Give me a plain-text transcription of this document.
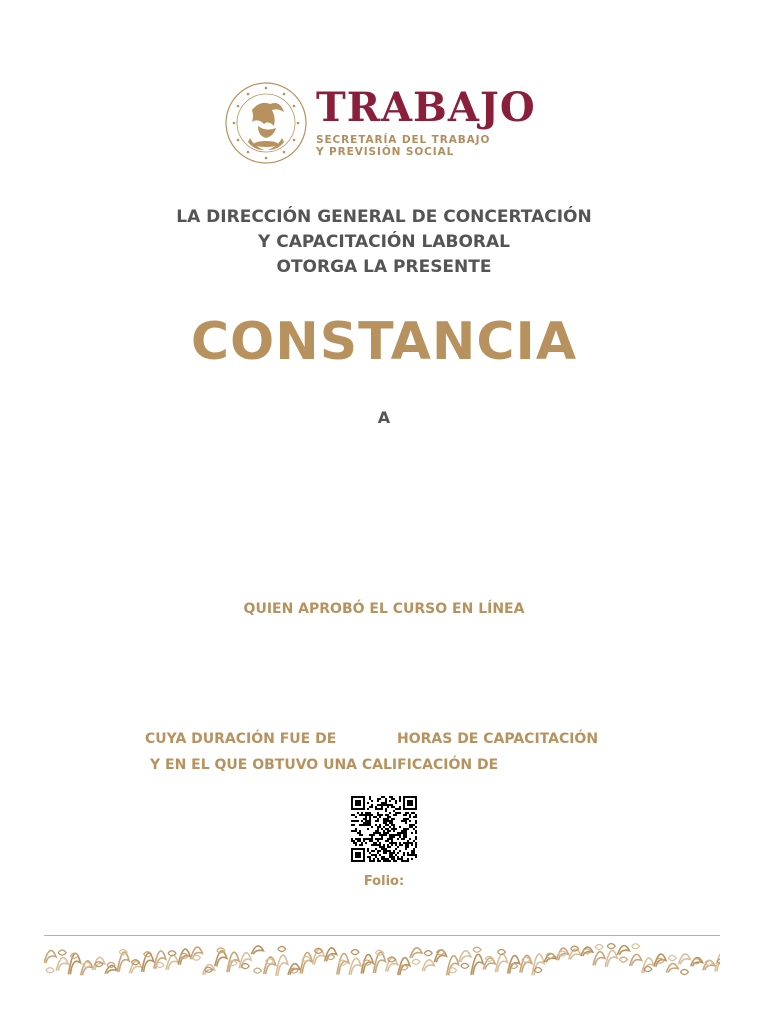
TRABAJO
SECRETARÍA DEL TRABAJO
Y PREVISIÓN SOCIAL
LA DIRECCIÓN GENERAL DE CONCERTACIÓN
Y CAPACITACIÓN LABORAL
OTORGA LA PRESENTE
CONSTANCIA
A
QUIEN APROBÓ EL CURSO EN LÍNEA
CUYA DURACIÓN FUE DE	HORAS DE CAPACITACIÓN
Y EN EL QUE OBTUVO UNA CALIFICACIÓN DE
Folio:
